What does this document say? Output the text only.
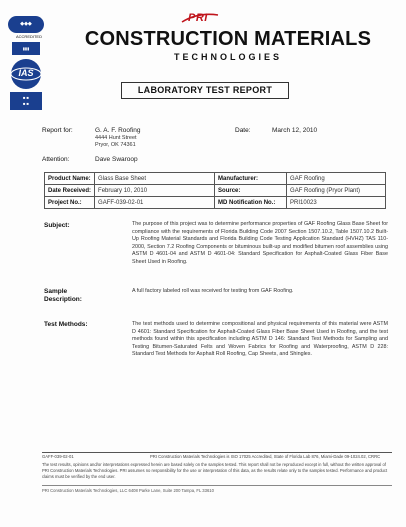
◆◆◆
ACCREDITED
▮▮▮
IAS
■ ■
■ ■
PRI
CONSTRUCTION MATERIALS
TECHNOLOGIES
LABORATORY TEST REPORT
Report for:	G. A. F. Roofing
4444 Hunt Street
Pryor, OK 74361
Date:	March 12, 2010
Attention:	Dave Swaroop
Product Name:	Glass Base Sheet	Manufacturer:	GAF Roofing
Date Received:	February 10, 2010	Source:	GAF Roofing (Pryor Plant)
Project No.:	GAFF-039-02-01	MD Notification No.:	PRI10023
Subject:	The purpose of this project was to determine performance properties of GAF Roofing Glass Base Sheet for compliance with the requirements of Florida Building Code 2007 Section 1507.10.2, Table 1507.10.2 Built-Up Roofing Material Standards and Florida Building Code Testing Application Standard (HVHZ) TAS 110-2000, Section 7.2 Roofing Components or bituminous built-up and modified bitumen roof assemblies using ASTM D 4601-04 and ASTM D 4601-04: Standard Specification for Asphalt-Coated Glass Fiber Base Sheet Used in Roofing.
Sample
Description:
A full factory labeled roll was received for testing from GAF Roofing.
Test Methods:	The test methods used to determine compositional and physical requirements of this material were ASTM D 4601: Standard Specification for Asphalt-Coated Glass Fiber Base Sheet Used in Roofing, and the test methods found within this specification including ASTM D 146: Standard Test Methods for Sampling and Testing Bitumen-Saturated Felts and Woven Fabrics for Roofing and Waterproofing, ASTM D 228: Standard Test Methods for Asphalt Roll Roofing, Cap Sheets, and Shingles.
GAFF-039-02-01	PRI Construction Materials Technologies is ISO 17025 Accredited, State of Florida Lab 876, Miami-Dade 09-1024.02, CRRC
The test results, opinions and/or interpretations expressed herein are based solely on the samples tested. This report shall not be reproduced except in full, without the written approval of PRI Construction Materials Technologies. PRI assumes no responsibility for the use or interpretation of this data, as the results relate only to the samples tested. Performance and product claims must be verified by the end user.
PRI Construction Materials Technologies, LLC 6408 Parke Lane, Suite 200 Tampa, FL 33610
